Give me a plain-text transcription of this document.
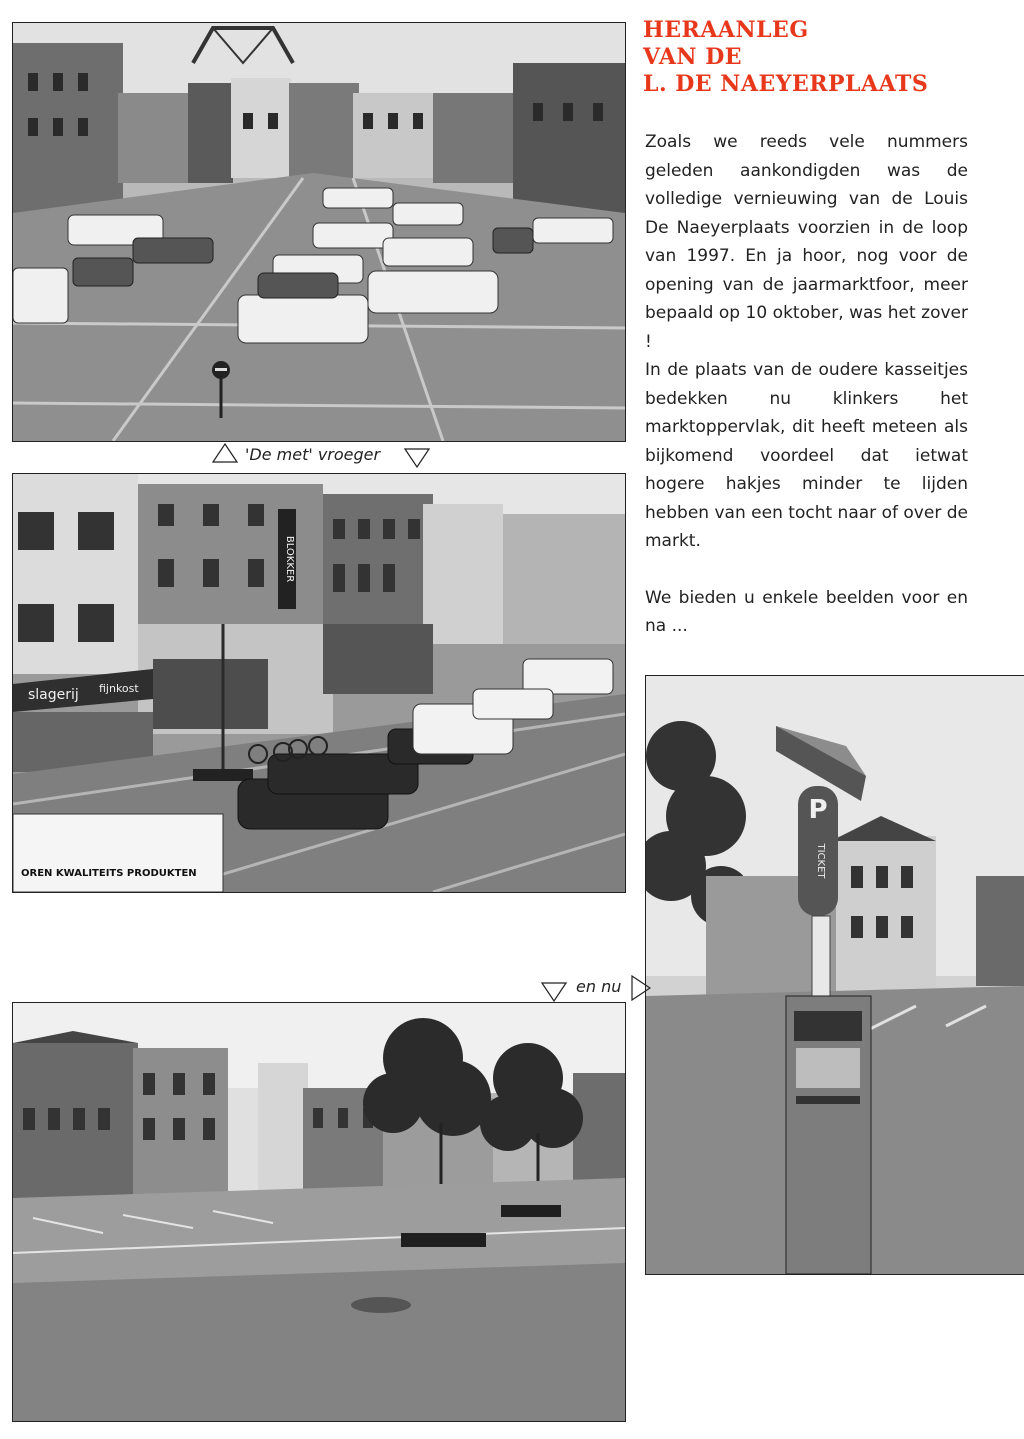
HERAANLEG
VAN DE
L. DE NAEYERPLAATS

Zoals we reeds vele nummers geleden aankondigden was de volledige vernieuwing van de Louis De Naeyerplaats voorzien in de loop van 1997. En ja hoor, nog voor de opening van de jaarmarktfoor, meer bepaald op 10 oktober, was het zover !

In de plaats van de oudere kasseitjes bedekken nu klinkers het marktoppervlak, dit heeft meteen als bijkomend voordeel dat ietwat hogere hakjes minder te lijden hebben van een tocht naar of over de markt.

We bieden u enkele beelden voor en na ...

'De met' vroeger
BLOKKER
slagerij fijnkost
OREN KWALITEITS PRODUKTEN
P
TICKET
en nu
